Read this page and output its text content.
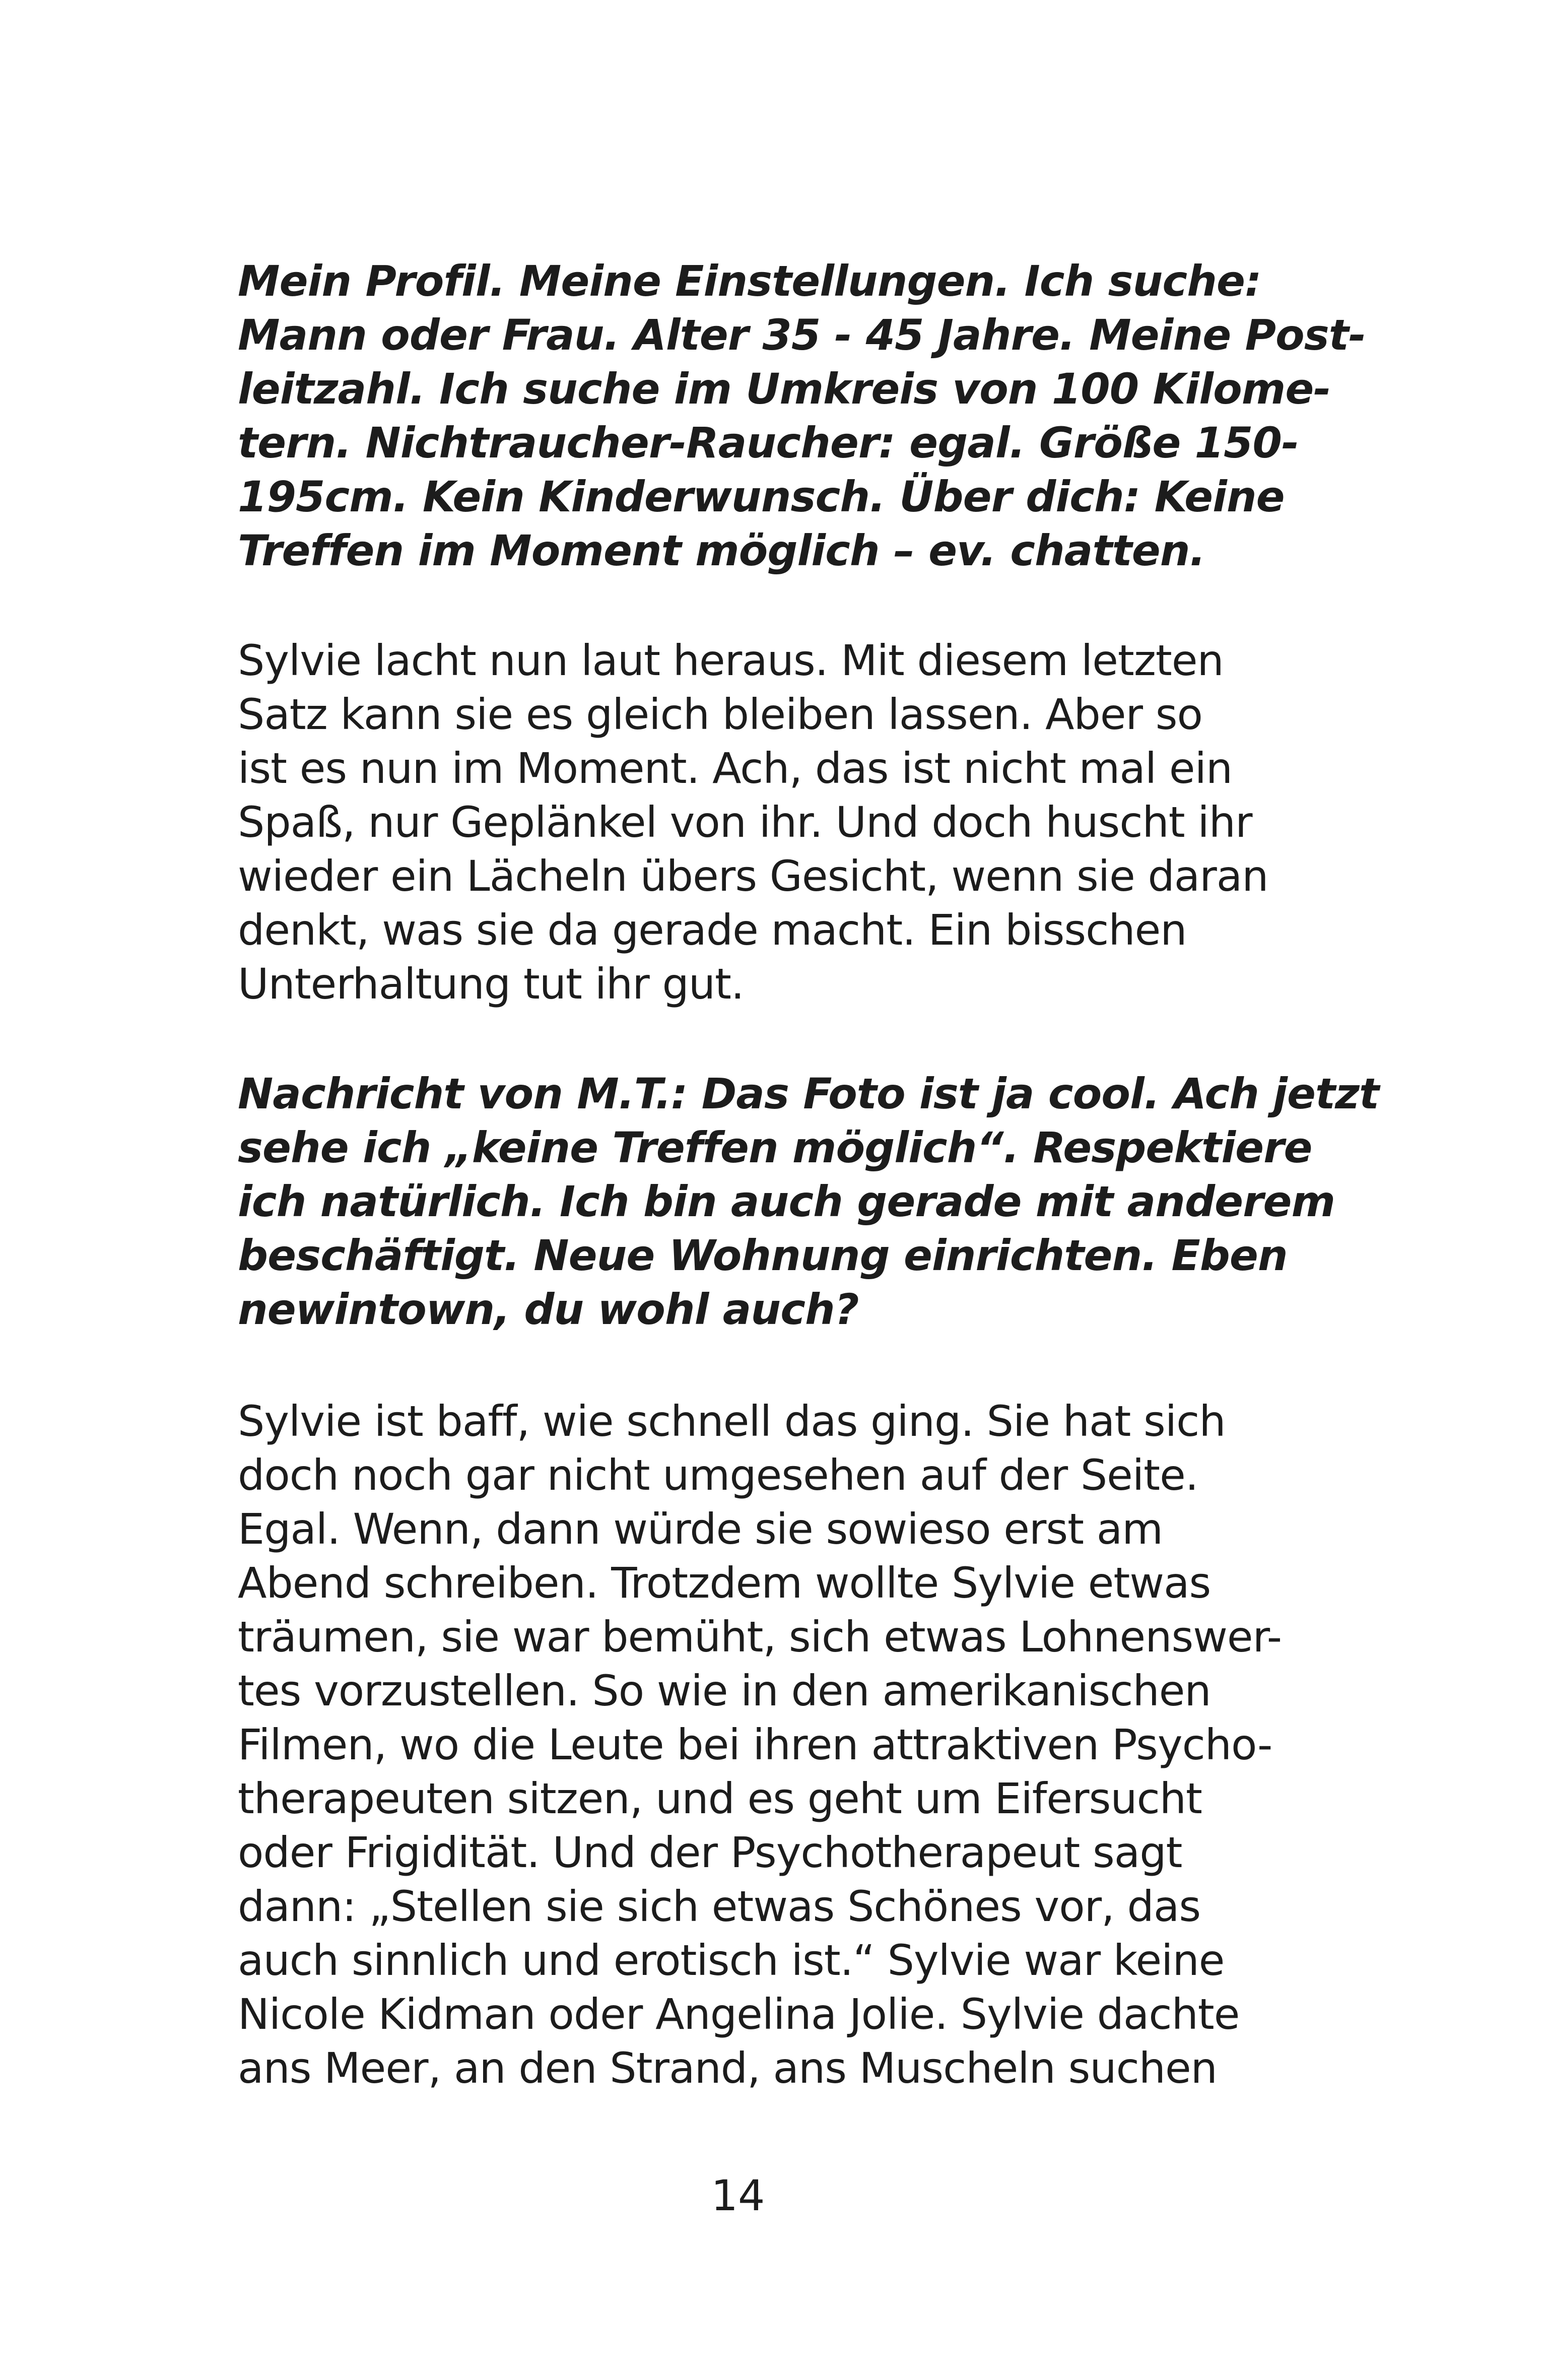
Mein Profil. Meine Einstellungen. Ich suche:
Mann oder Frau. Alter 35 - 45 Jahre. Meine Post-
leitzahl. Ich suche im Umkreis von 100 Kilome-
tern. Nichtraucher-Raucher: egal. Größe 150-
195cm. Kein Kinderwunsch. Über dich: Keine
Treffen im Moment möglich – ev. chatten.

Sylvie lacht nun laut heraus. Mit diesem letzten
Satz kann sie es gleich bleiben lassen. Aber so
ist es nun im Moment. Ach, das ist nicht mal ein
Spaß, nur Geplänkel von ihr. Und doch huscht ihr
wieder ein Lächeln übers Gesicht, wenn sie daran
denkt, was sie da gerade macht. Ein bisschen
Unterhaltung tut ihr gut.

Nachricht von M.T.: Das Foto ist ja cool. Ach jetzt
sehe ich „keine Treffen möglich“. Respektiere
ich natürlich. Ich bin auch gerade mit anderem
beschäftigt. Neue Wohnung einrichten. Eben
newintown, du wohl auch?

Sylvie ist baff, wie schnell das ging. Sie hat sich
doch noch gar nicht umgesehen auf der Seite.
Egal. Wenn, dann würde sie sowieso erst am
Abend schreiben. Trotzdem wollte Sylvie etwas
träumen, sie war bemüht, sich etwas Lohnenswer-
tes vorzustellen. So wie in den amerikanischen
Filmen, wo die Leute bei ihren attraktiven Psycho-
therapeuten sitzen, und es geht um Eifersucht
oder Frigidität. Und der Psychotherapeut sagt
dann: „Stellen sie sich etwas Schönes vor, das
auch sinnlich und erotisch ist.“ Sylvie war keine
Nicole Kidman oder Angelina Jolie. Sylvie dachte
ans Meer, an den Strand, ans Muscheln suchen

14
